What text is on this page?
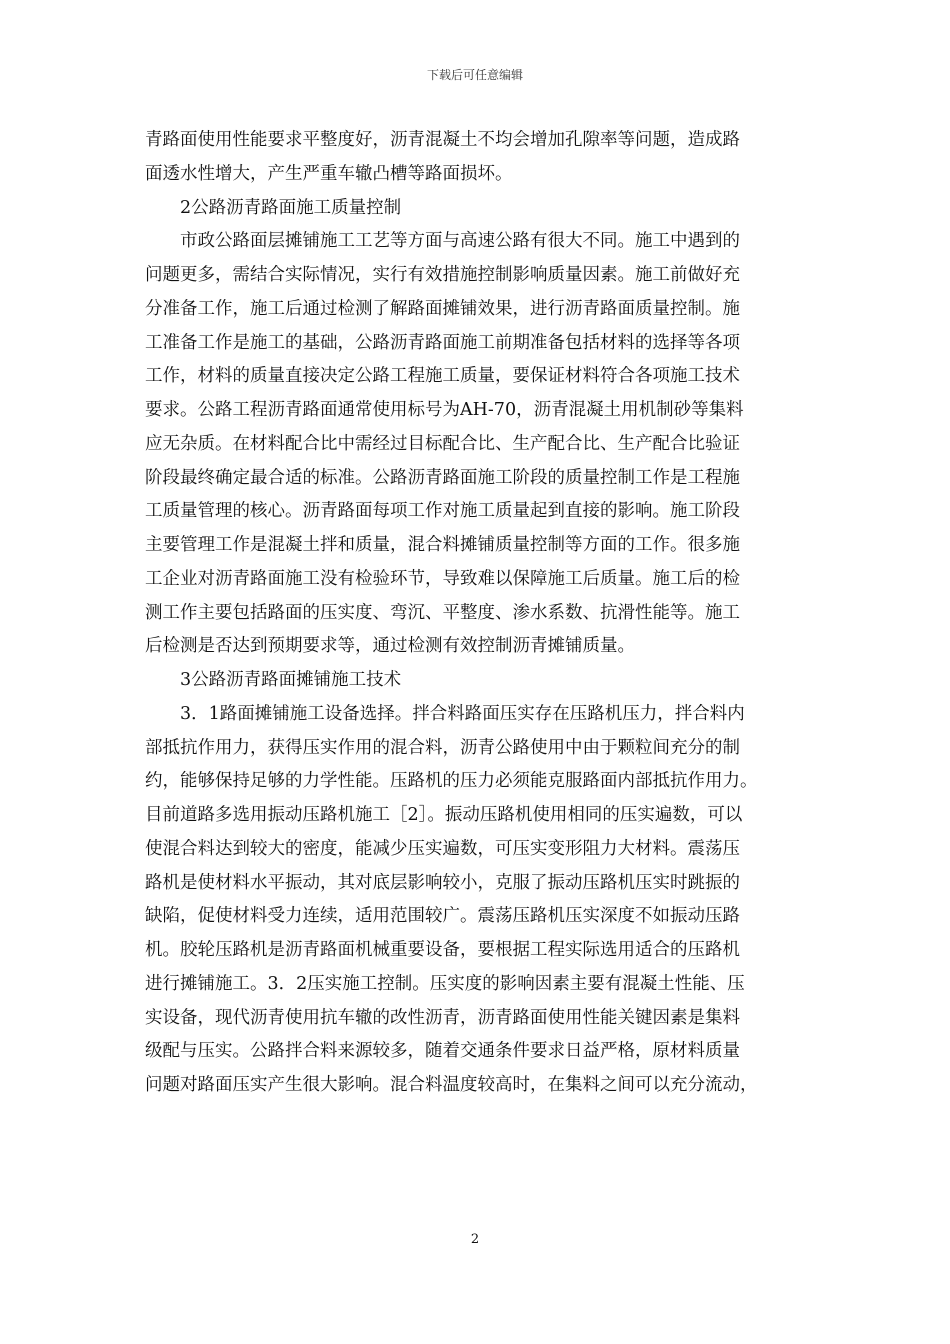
下载后可任意编辑
青路面使用性能要求平整度好，沥青混凝土不均会增加孔隙率等问题，造成路
面透水性增大，产生严重车辙凸槽等路面损坏。
2公路沥青路面施工质量控制
市政公路面层摊铺施工工艺等方面与高速公路有很大不同。施工中遇到的
问题更多，需结合实际情况，实行有效措施控制影响质量因素。施工前做好充
分准备工作，施工后通过检测了解路面摊铺效果，进行沥青路面质量控制。施
工准备工作是施工的基础，公路沥青路面施工前期准备包括材料的选择等各项
工作，材料的质量直接决定公路工程施工质量，要保证材料符合各项施工技术
要求。公路工程沥青路面通常使用标号为AH-70，沥青混凝土用机制砂等集料
应无杂质。在材料配合比中需经过目标配合比、生产配合比、生产配合比验证
阶段最终确定最合适的标准。公路沥青路面施工阶段的质量控制工作是工程施
工质量管理的核心。沥青路面每项工作对施工质量起到直接的影响。施工阶段
主要管理工作是混凝土拌和质量，混合料摊铺质量控制等方面的工作。很多施
工企业对沥青路面施工没有检验环节，导致难以保障施工后质量。施工后的检
测工作主要包括路面的压实度、弯沉、平整度、渗水系数、抗滑性能等。施工
后检测是否达到预期要求等，通过检测有效控制沥青摊铺质量。
3公路沥青路面摊铺施工技术
3．1路面摊铺施工设备选择。拌合料路面压实存在压路机压力，拌合料内
部抵抗作用力，获得压实作用的混合料，沥青公路使用中由于颗粒间充分的制
约，能够保持足够的力学性能。压路机的压力必须能克服路面内部抵抗作用力。
目前道路多选用振动压路机施工［2］。振动压路机使用相同的压实遍数，可以
使混合料达到较大的密度，能减少压实遍数，可压实变形阻力大材料。震荡压
路机是使材料水平振动，其对底层影响较小，克服了振动压路机压实时跳振的
缺陷，促使材料受力连续，适用范围较广。震荡压路机压实深度不如振动压路
机。胶轮压路机是沥青路面机械重要设备，要根据工程实际选用适合的压路机
进行摊铺施工。3．2压实施工控制。压实度的影响因素主要有混凝土性能、压
实设备，现代沥青使用抗车辙的改性沥青，沥青路面使用性能关键因素是集料
级配与压实。公路拌合料来源较多，随着交通条件要求日益严格，原材料质量
问题对路面压实产生很大影响。混合料温度较高时，在集料之间可以充分流动，
2
